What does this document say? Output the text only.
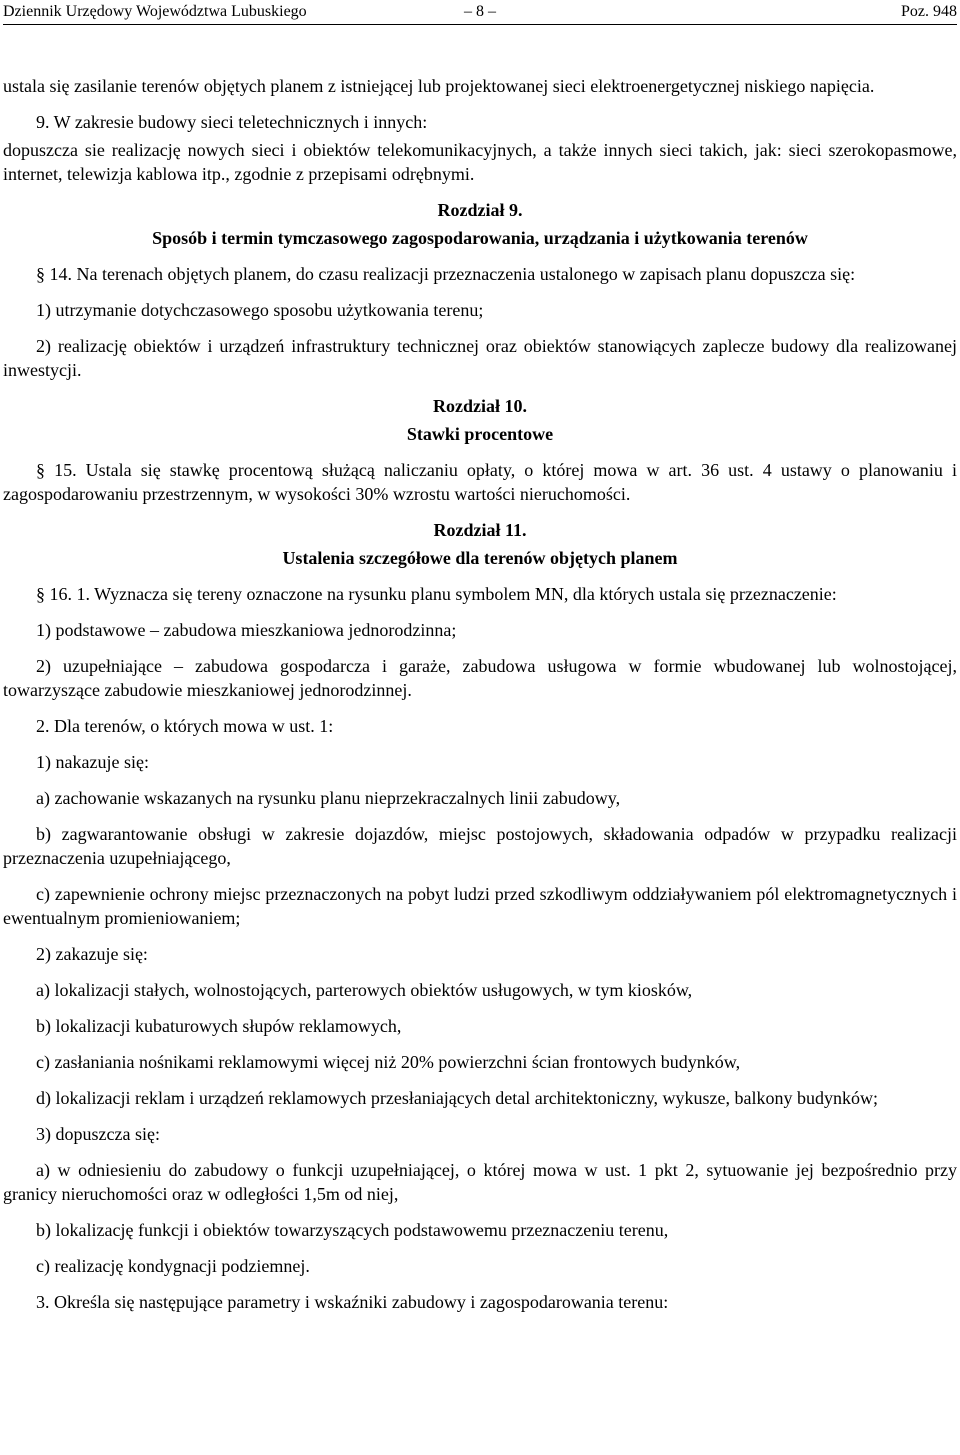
Dziennik Urzędowy Województwa Lubuskiego	– 8 –	Poz. 948

ustala się zasilanie terenów objętych planem z istniejącej lub projektowanej sieci elektroenergetycznej niskiego napięcia.

9. W zakresie budowy sieci teletechnicznych i innych:

dopuszcza sie realizację nowych sieci i obiektów telekomunikacyjnych, a także innych sieci takich, jak: sieci szerokopasmowe, internet, telewizja kablowa itp., zgodnie z przepisami odrębnymi.

Rozdział 9.

Sposób i termin tymczasowego zagospodarowania, urządzania i użytkowania terenów

§ 14. Na terenach objętych planem, do czasu realizacji przeznaczenia ustalonego w zapisach planu dopuszcza się:

1) utrzymanie dotychczasowego sposobu użytkowania terenu;

2) realizację obiektów i urządzeń infrastruktury technicznej oraz obiektów stanowiących zaplecze budowy dla realizowanej inwestycji.

Rozdział 10.

Stawki procentowe

§ 15. Ustala się stawkę procentową służącą naliczaniu opłaty, o której mowa w art. 36 ust. 4 ustawy o planowaniu i zagospodarowaniu przestrzennym, w wysokości 30% wzrostu wartości nieruchomości.

Rozdział 11.

Ustalenia szczegółowe dla terenów objętych planem

§ 16. 1. Wyznacza się tereny oznaczone na rysunku planu symbolem MN, dla których ustala się przeznaczenie:

1) podstawowe – zabudowa mieszkaniowa jednorodzinna;

2) uzupełniające – zabudowa gospodarcza i garaże, zabudowa usługowa w formie wbudowanej lub wolnostojącej, towarzyszące zabudowie mieszkaniowej jednorodzinnej.

2. Dla terenów, o których mowa w ust. 1:

1) nakazuje się:

a) zachowanie wskazanych na rysunku planu nieprzekraczalnych linii zabudowy,

b) zagwarantowanie obsługi w zakresie dojazdów, miejsc postojowych, składowania odpadów w przypadku realizacji przeznaczenia uzupełniającego,

c) zapewnienie ochrony miejsc przeznaczonych na pobyt ludzi przed szkodliwym oddziaływaniem pól elektromagnetycznych i ewentualnym promieniowaniem;

2) zakazuje się:

a) lokalizacji stałych, wolnostojących, parterowych obiektów usługowych, w tym kiosków,

b) lokalizacji kubaturowych słupów reklamowych,

c) zasłaniania nośnikami reklamowymi więcej niż 20% powierzchni ścian frontowych budynków,

d) lokalizacji reklam i urządzeń reklamowych przesłaniających detal architektoniczny, wykusze, balkony budynków;

3) dopuszcza się:

a) w odniesieniu do zabudowy o funkcji uzupełniającej, o której mowa w ust. 1 pkt 2, sytuowanie jej bezpośrednio przy granicy nieruchomości oraz w odległości 1,5m od niej,

b) lokalizację funkcji i obiektów towarzyszących podstawowemu przeznaczeniu terenu,

c) realizację kondygnacji podziemnej.

3. Określa się następujące parametry i wskaźniki zabudowy i zagospodarowania terenu:
